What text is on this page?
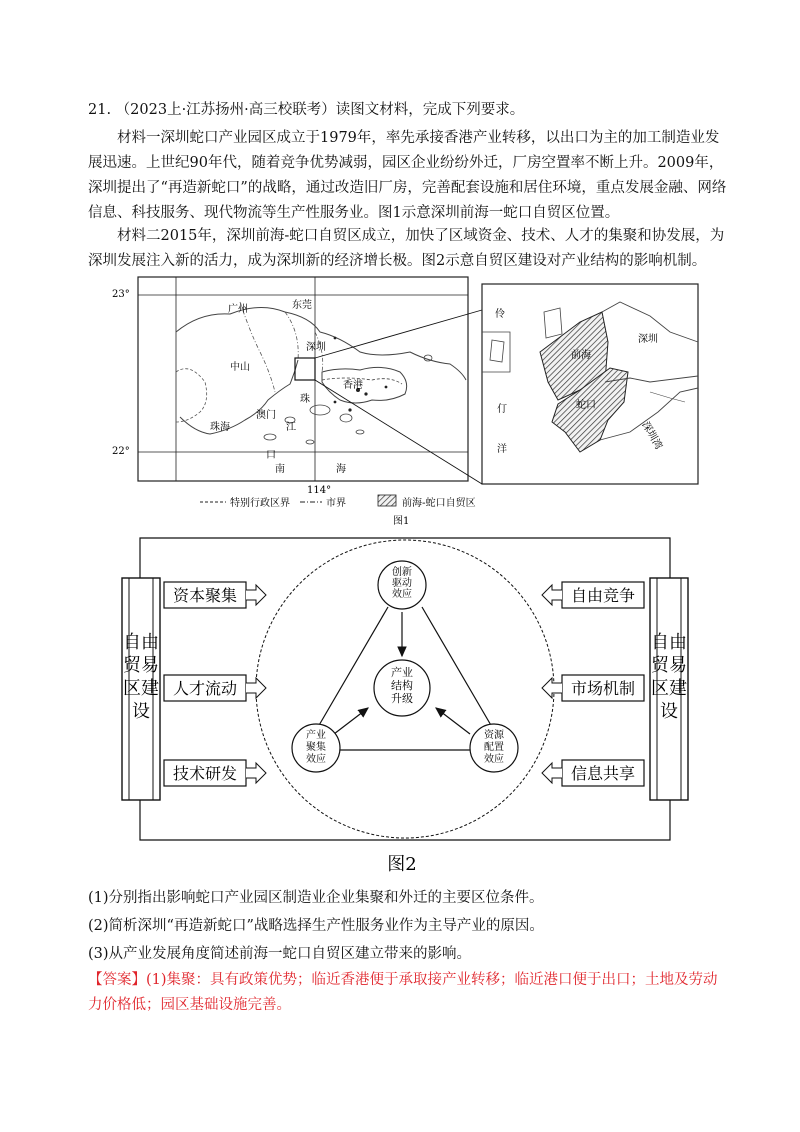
21. （2023上·江苏扬州·高三校联考）读图文材料，完成下列要求。
材料一深圳蛇口产业园区成立于1979年，率先承接香港产业转移，以出口为主的加工制造业发展迅速。上世纪90年代，随着竞争优势减弱，园区企业纷纷外迁，厂房空置率不断上升。2009年，深圳提出了“再造新蛇口”的战略，通过改造旧厂房，完善配套设施和居住环境，重点发展金融、网络信息、科技服务、现代物流等生产性服务业。图1示意深圳前海一蛇口自贸区位置。
材料二2015年，深圳前海-蛇口自贸区成立，加快了区域资金、技术、人才的集聚和协发展，为深圳发展注入新的活力，成为深圳新的经济增长极。图2示意自贸区建设对产业结构的影响机制。
23°
22°
114°
广州	东莞
深圳
中山
香港
珠
澳门
江
珠海
口
南	海
伶
仃
洋
前海
深圳
蛇口
深圳湾
特别行政区界	市界	前海-蛇口自贸区
图1
自由
贸易
区建
设
自由
贸易
区建
设
资本聚集
人才流动
技术研发
自由竞争
市场机制
信息共享
创新
驱动
效应
产业
结构
升级
产业
聚集
效应
资源
配置
效应
图2
(1)分别指出影响蛇口产业园区制造业企业集聚和外迁的主要区位条件。
(2)简析深圳“再造新蛇口”战略选择生产性服务业作为主导产业的原因。
(3)从产业发展角度简述前海一蛇口自贸区建立带来的影响。
【答案】(1)集聚：具有政策优势；临近香港便于承取接产业转移；临近港口便于出口；土地及劳动力价格低；园区基础设施完善。
